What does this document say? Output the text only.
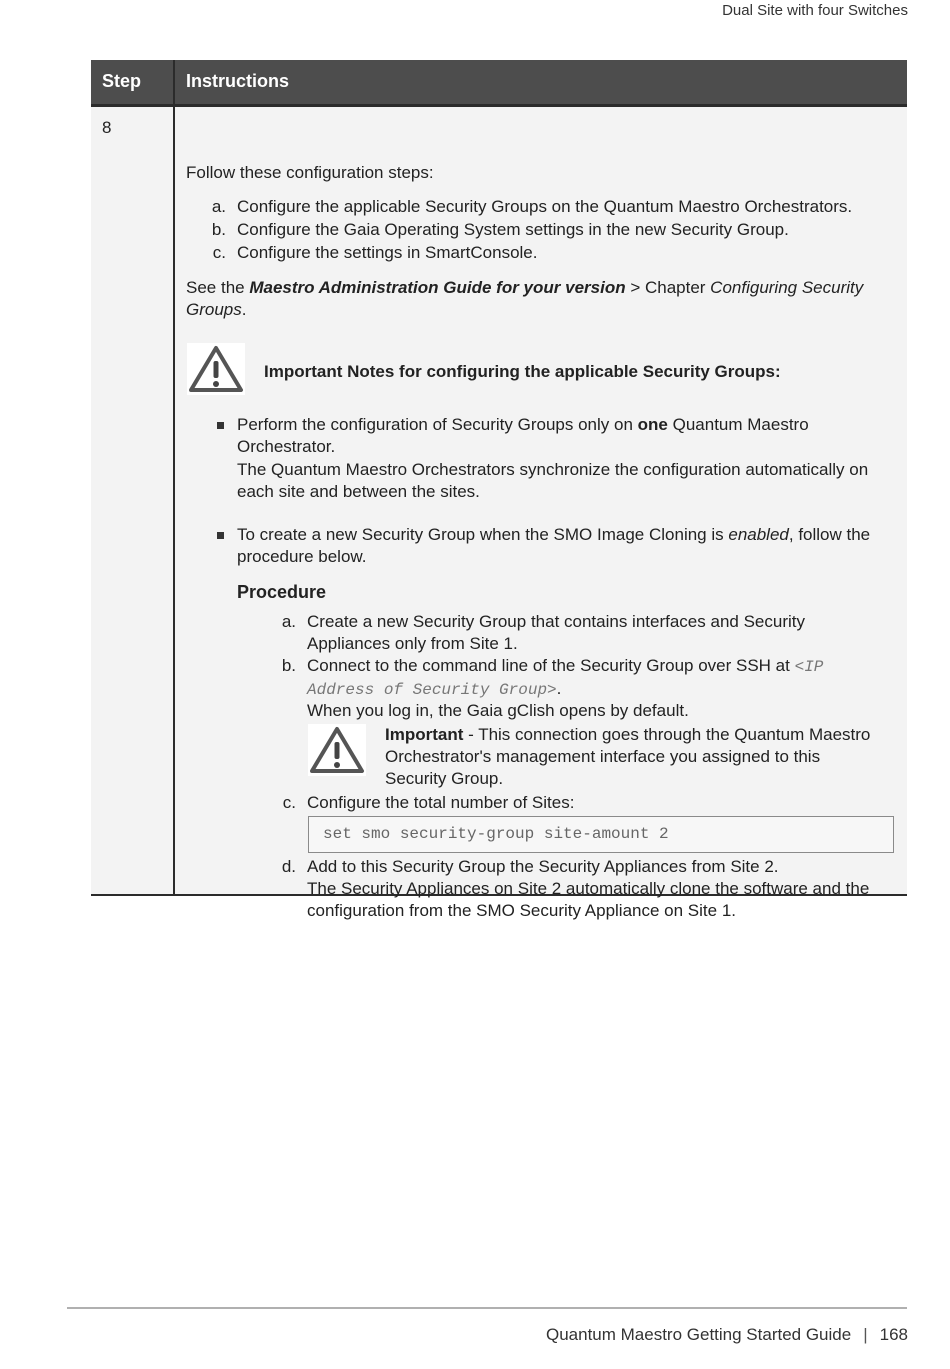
Dual Site with four Switches
Step	Instructions
8
Follow these configuration steps:
a. Configure the applicable Security Groups on the Quantum Maestro Orchestrators.
b. Configure the Gaia Operating System settings in the new Security Group.
c. Configure the settings in SmartConsole.
See the Maestro Administration Guide for your version > Chapter Configuring Security
Groups.
Important Notes for configuring the applicable Security Groups:
Perform the configuration of Security Groups only on one Quantum Maestro
Orchestrator.
The Quantum Maestro Orchestrators synchronize the configuration automatically on
each site and between the sites.
To create a new Security Group when the SMO Image Cloning is enabled, follow the
procedure below.
Procedure
a. Create a new Security Group that contains interfaces and Security
Appliances only from Site 1.
b. Connect to the command line of the Security Group over SSH at <IP
Address of Security Group>.
When you log in, the Gaia gClish opens by default.
Important - This connection goes through the Quantum Maestro
Orchestrator's management interface you assigned to this
Security Group.
c. Configure the total number of Sites:
set smo security-group site-amount 2
d. Add to this Security Group the Security Appliances from Site 2.
The Security Appliances on Site 2 automatically clone the software and the
configuration from the SMO Security Appliance on Site 1.
Quantum Maestro Getting Started Guide | 168
